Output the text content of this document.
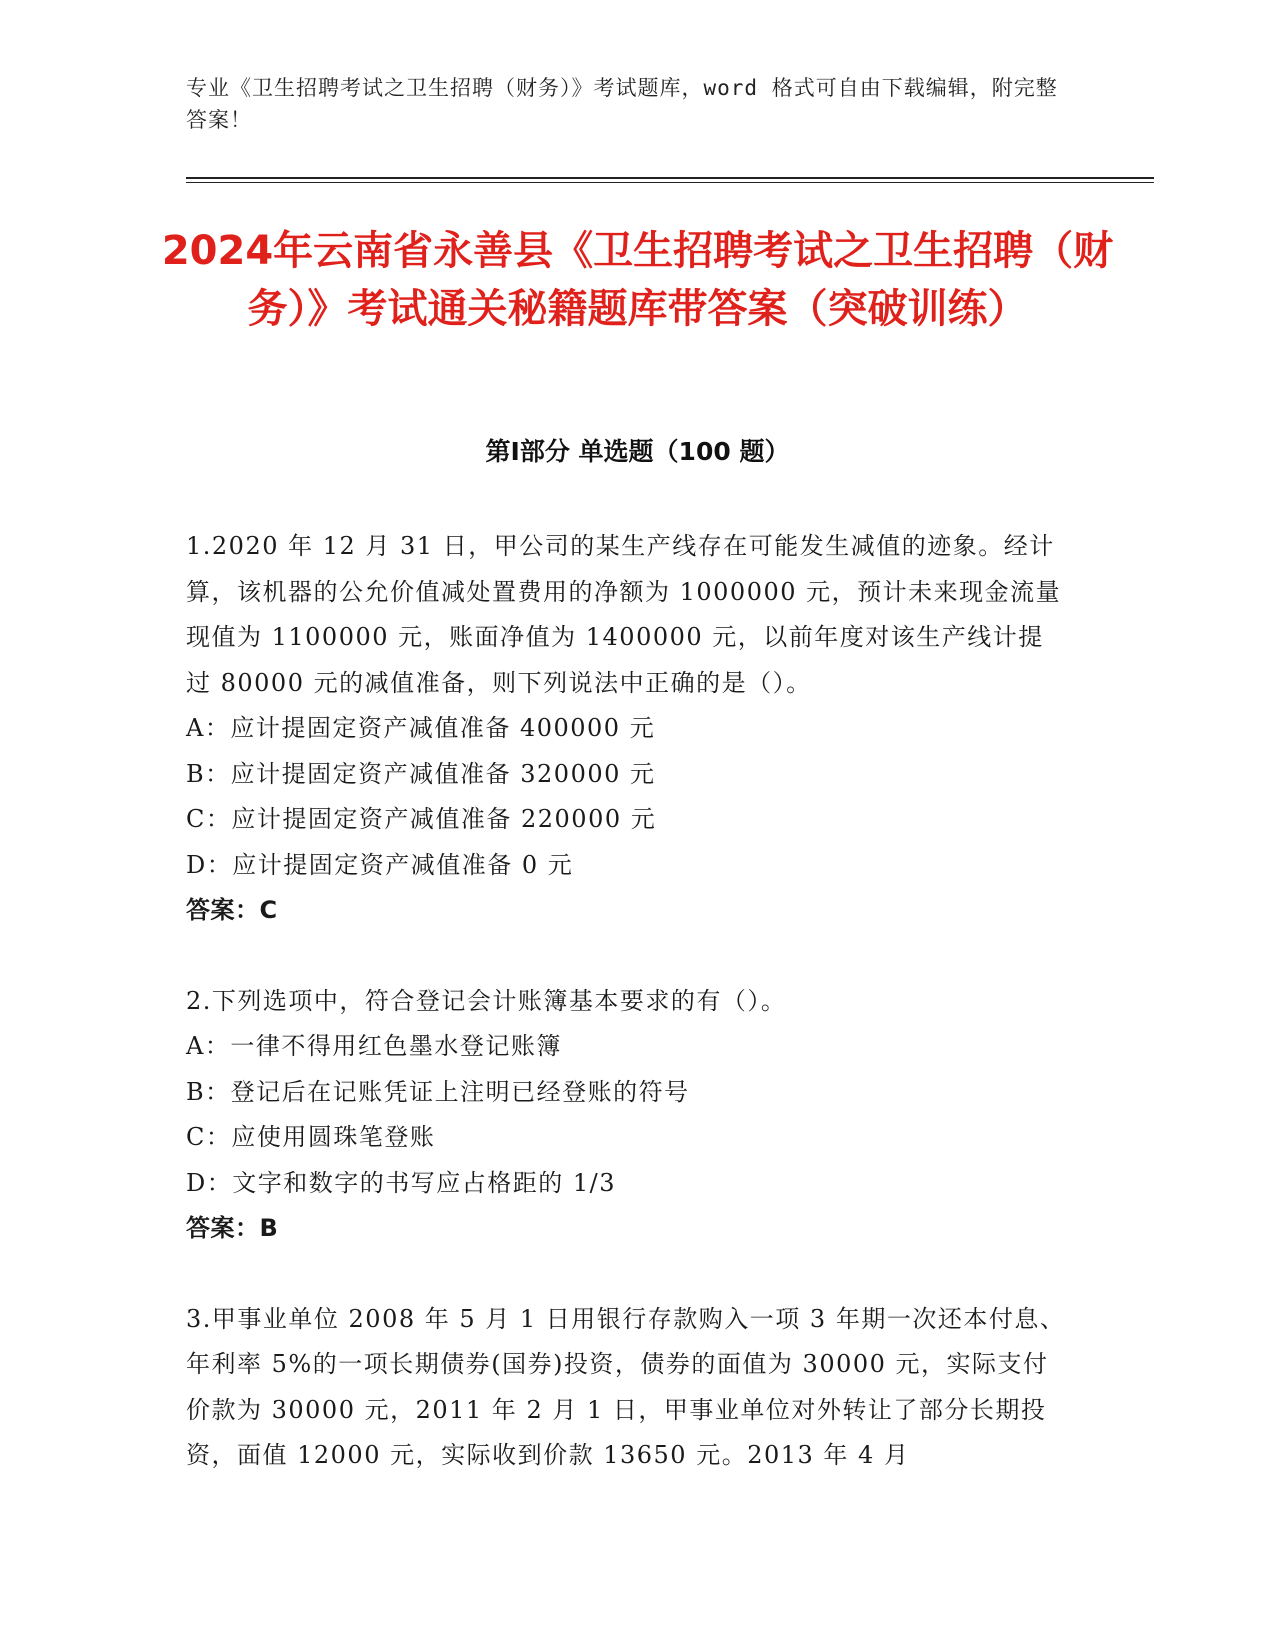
专业《卫生招聘考试之卫生招聘（财务）》考试题库，word 格式可自由下载编辑，附完整答案！
2024年云南省永善县《卫生招聘考试之卫生招聘（财务）》考试通关秘籍题库带答案（突破训练）
第Ⅰ部分 单选题（100 题）

1.2020 年 12 月 31 日，甲公司的某生产线存在可能发生减值的迹象。经计算，该机器的公允价值减处置费用的净额为 1000000 元，预计未来现金流量现值为 1100000 元，账面净值为 1400000 元，以前年度对该生产线计提过 80000 元的减值准备，则下列说法中正确的是（）。

A：应计提固定资产减值准备 400000 元

B：应计提固定资产减值准备 320000 元

C：应计提固定资产减值准备 220000 元

D：应计提固定资产减值准备 0 元

答案：C

2.下列选项中，符合登记会计账簿基本要求的有（）。

A：一律不得用红色墨水登记账簿

B：登记后在记账凭证上注明已经登账的符号

C：应使用圆珠笔登账

D：文字和数字的书写应占格距的 1/3

答案：B

3.甲事业单位 2008 年 5 月 1 日用银行存款购入一项 3 年期一次还本付息、年利率 5%的一项长期债券(国券)投资，债券的面值为 30000 元，实际支付价款为 30000 元，2011 年 2 月 1 日，甲事业单位对外转让了部分长期投资，面值 12000 元，实际收到价款 13650 元。2013 年 4 月
